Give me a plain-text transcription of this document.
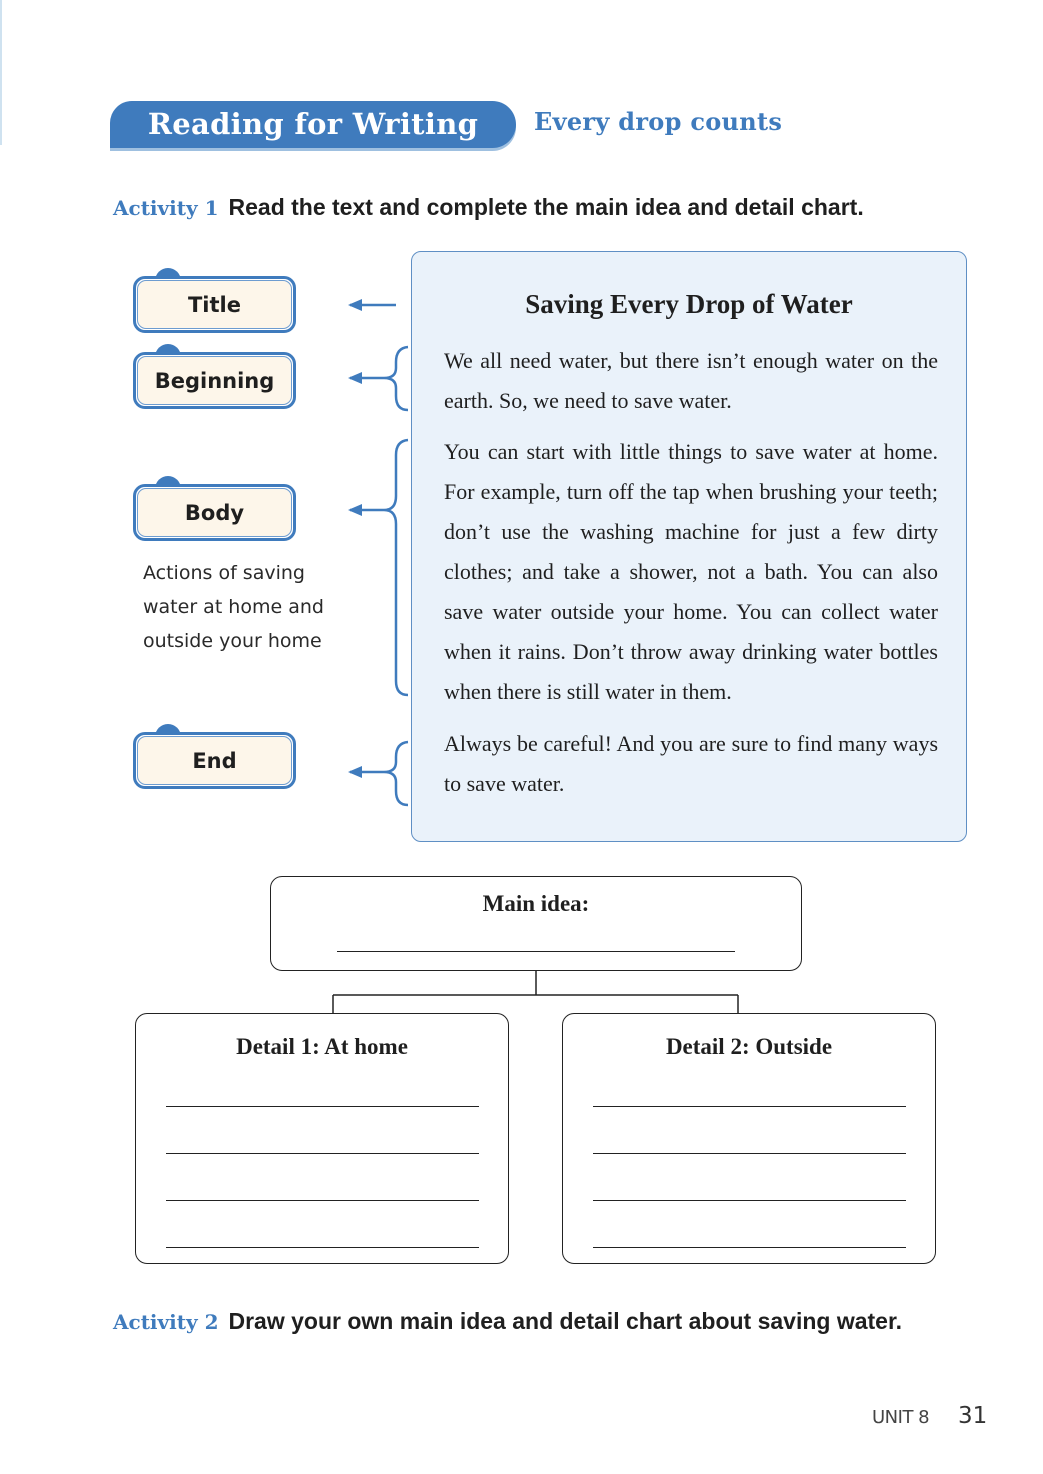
Reading for Writing	Every drop counts
Activity 1 Read the text and complete the main idea and detail chart.
Title
Beginning
Body
Actions of saving water at home and outside your home
End
Saving Every Drop of Water
We all need water, but there isn’t enough water on the earth. So, we need to save water.
You can start with little things to save water at home. For example, turn off the tap when brushing your teeth; don’t use the washing machine for just a few dirty clothes; and take a shower, not a bath. You can also save water outside your home. You can collect water when it rains. Don’t throw away drinking water bottles when there is still water in them.
Always be careful! And you are sure to find many ways to save water.
Main idea:
Detail 1: At home	Detail 2: Outside
Activity 2 Draw your own main idea and detail chart about saving water.
UNIT 8 31
